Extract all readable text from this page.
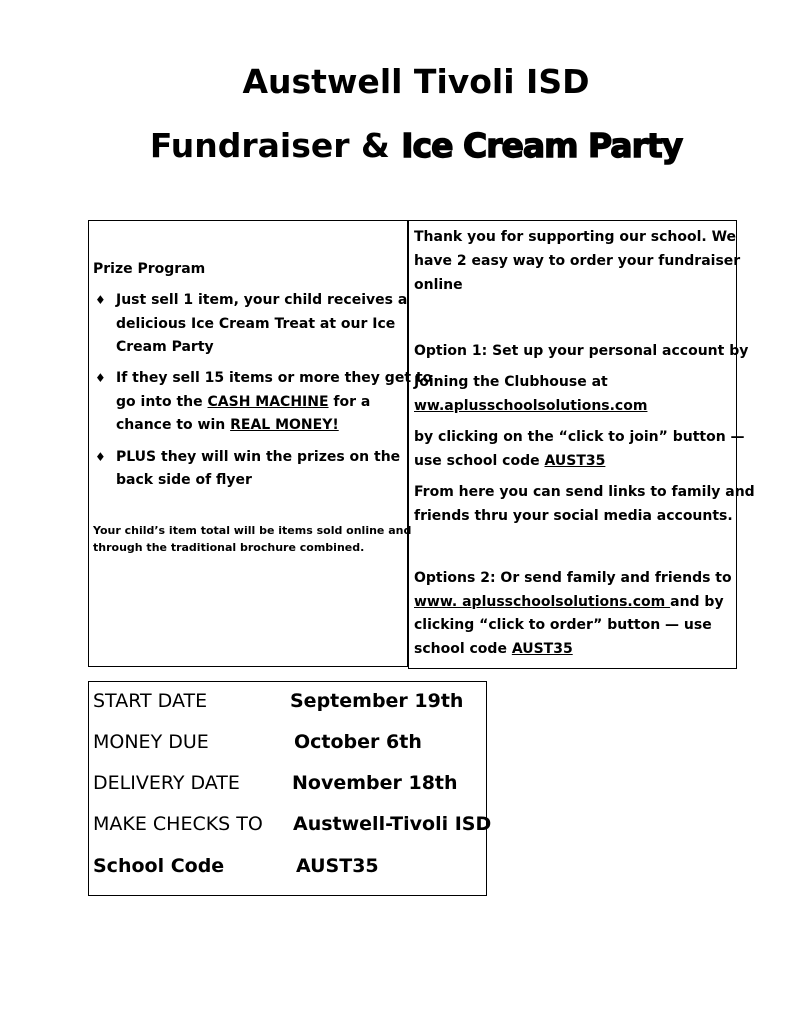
Austwell Tivoli ISD
Fundraiser & Ice Cream Party
Prize Program
♦ Just sell 1 item, your child receives a
delicious Ice Cream Treat at our Ice
Cream Party
♦ If they sell 15 items or more they get to
go into the CASH MACHINE for a
chance to win REAL MONEY!
♦ PLUS they will win the prizes on the
back side of flyer
Your child’s item total will be items sold online and
through the traditional brochure combined.
Thank you for supporting our school. We
have 2 easy way to order your fundraiser
online
Option 1: Set up your personal account by
Joining the Clubhouse at
ww.aplusschoolsolutions.com
by clicking on the “click to join” button —
use school code AUST35
From here you can send links to family and
friends thru your social media accounts.
Options 2: Or send family and friends to
www. aplusschoolsolutions.com and by
clicking “click to order” button — use
school code AUST35
START DATE	September 19th
MONEY DUE	October 6th
DELIVERY DATE	November 18th
MAKE CHECKS TO Austwell-Tivoli ISD
School Code	AUST35
